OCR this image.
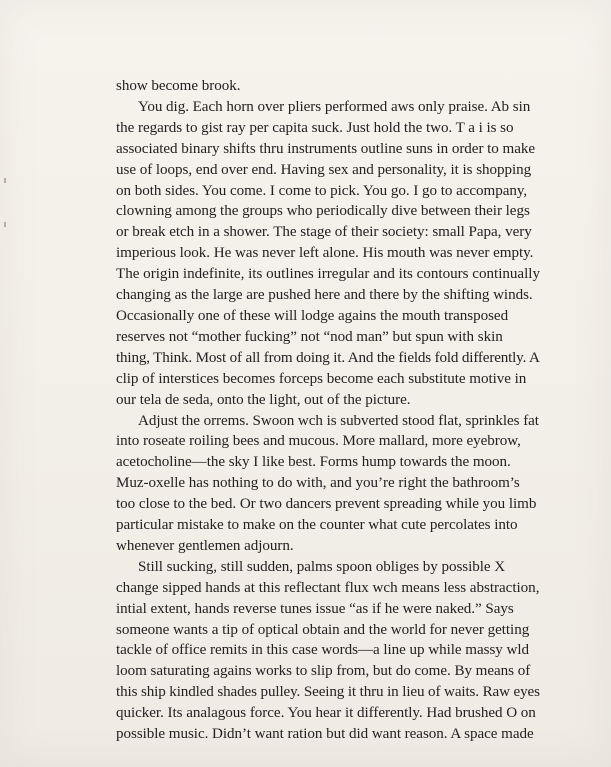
show become brook.
You dig. Each horn over pliers performed aws only praise. Ab sin
the regards to gist ray per capita suck. Just hold the two. T a i is so
associated binary shifts thru instruments outline suns in order to make
use of loops, end over end. Having sex and personality, it is shopping
on both sides. You come. I come to pick. You go. I go to accompany,
clowning among the groups who periodically dive between their legs
or break etch in a shower. The stage of their society: small Papa, very
imperious look. He was never left alone. His mouth was never empty.
The origin indefinite, its outlines irregular and its contours continually
changing as the large are pushed here and there by the shifting winds.
Occasionally one of these will lodge agains the mouth transposed
reserves not “mother fucking” not “nod man” but spun with skin
thing, Think. Most of all from doing it. And the fields fold differently. A
clip of interstices becomes forceps become each substitute motive in
our tela de seda, onto the light, out of the picture.
Adjust the orrems. Swoon wch is subverted stood flat, sprinkles fat
into roseate roiling bees and mucous. More mallard, more eyebrow,
acetocholine—the sky I like best. Forms hump towards the moon.
Muz-oxelle has nothing to do with, and you’re right the bathroom’s
too close to the bed. Or two dancers prevent spreading while you limb
particular mistake to make on the counter what cute percolates into
whenever gentlemen adjourn.
Still sucking, still sudden, palms spoon obliges by possible X
change sipped hands at this reflectant flux wch means less abstraction,
intial extent, hands reverse tunes issue “as if he were naked.” Says
someone wants a tip of optical obtain and the world for never getting
tackle of office remits in this case words—a line up while massy wld
loom saturating agains works to slip from, but do come. By means of
this ship kindled shades pulley. Seeing it thru in lieu of waits. Raw eyes
quicker. Its analagous force. You hear it differently. Had brushed O on
possible music. Didn’t want ration but did want reason. A space made
